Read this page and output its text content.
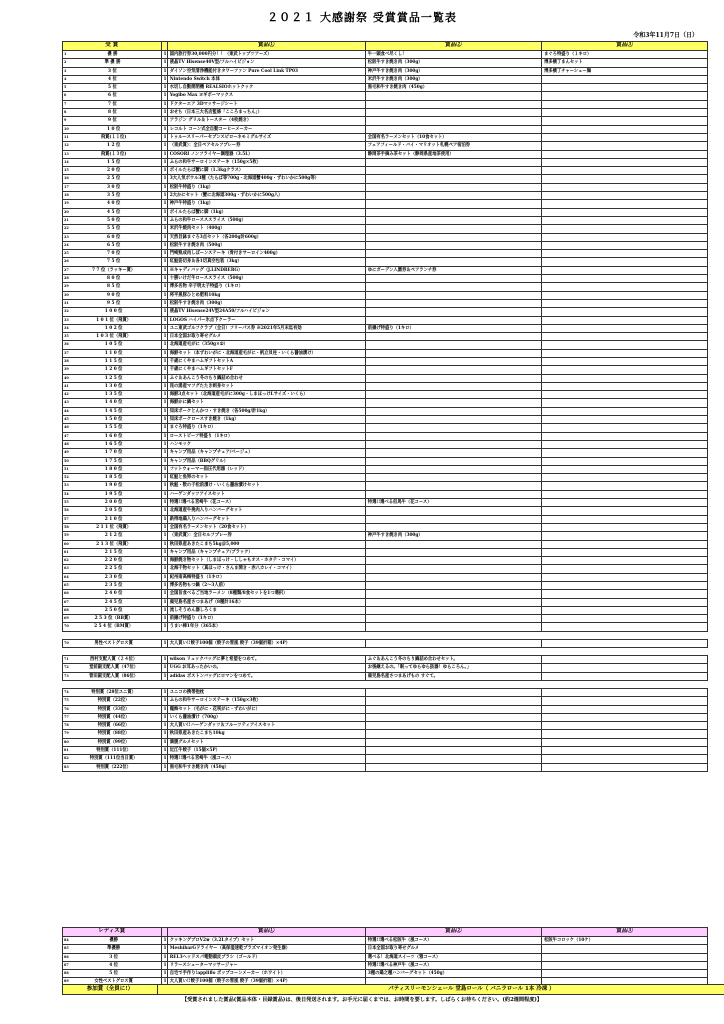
２０２１ 大感謝祭 受賞賞品一覧表
令和3年11月7日（日）
受 賞		賞品①	賞品②	賞品③

1 優 勝	1	国内旅行券30,000円分！！（東武トップツアーズ）	牛一頭食べ尽くし！	まぐろ特盛り（１キロ）

2 準 優 勝	1	液晶TV Hisense40V型/フルハイビジョン	松阪牛すき焼き肉（300g）	博多横丁まんセット

3 3 位	1	ダイソン空気清浄機能付きタワーファン Pure Cool Link TP03	神戸牛すき焼き肉（300g）	博多横丁チャーシュー麺

4 4 位	1	Nintendo Switch 本体	米沢牛すき焼き肉（300g）	

5 5 位	1	水切し自動開閉機 REALSIOホットクック	黒毛和牛すき焼き肉（450g）	

6 6 位	1	Yogibo Max ヨギボーマックス		

7 7 位	1	ドクターエア 3Dマッサージシート		

8 8 位	1	おせち（日本三大名店監修「こころまっちん」）		

9 9 位	1	アラジン グリル＆トースター（4枚焼き）		

10 1 0 位	1	レコルト コーン式全自動コーヒーメーカー		

11 飛賞(１１位)	1	トゥルースリーパーセブンスピローネモミグルサイズ	全国有名ラーメンセット（10食セット）	

12 1 2 位	1	（東武賞）：全日ペアセルフプレー券	フェアフィールド・バイ・マリオット札幌ペア宿泊券	

13 飛賞(１３位)	1	COSORI ノンフライヤー調理器（3.5L）	静岡茶手摘み茶セット（静岡県産地茶使用）	

14 1 5 位	1	ふらの和牛サーロインステーキ（150g×5枚）		

15 2 0 位	1	ボイルたらば蟹に脚（1.3kgクラス）		

16 2 5 位	1	3大人気ボウル3種（たらば等700g・北海道蟹400g・ずわいかに500g等）		

17 3 0 位	1	松阪牛特盛り（1kg）		

18 3 5 位	1	2大かにセット（蟹に北海道300g・ずわいかに500g入）		

19 4 0 位	1	神戸牛特盛り（1kg）		

20 4 5 位	1	ボイルたらば蟹に脚（1kg）		

21 5 0 位	1	ふらの和牛ロースススライス（500g）		

22 5 5 位	1	米沢牛焼肉セット（400g）		

23 6 0 位	1	天然目鉢まぐろ3点セット（各200g計600g）		

24 6 5 位	1	松阪牛すき焼き肉（500g）		

25 7 0 位	1	門崎熟成肉しぼーンステーキ（骨付きサーロイン400g）		

26 7 5 位	1	紅鮭姿切身＆各1切真空包装（3kg）		

27 7 7 位（ラッキー賞）	1	※キャディバッグ（J.LINDBERG）	ゆにガーデン入園券＆ペアランチ券	

28 8 0 位	1	十勝いけだ牛ローススライス（500g）		

29 8 5 位	1	博多名物 辛子明太子特盛り（1キロ）		

30 9 0 位	1	将平黒豚ひとめ肥料10kg		

31 9 5 位	1	松阪牛すき焼き肉（300g）		

32 1 0 0 位	1	液晶TV Hisense24V型24A50/フルハイビジョン		

33 1 0 1 位（飛賞）	1	LOGOS ハイパー氷点下クーラー		

34 1 0 2 位	1	ユニ東武ゴルフクラブ（全日）フリーパス券 ※2021年5月末迄有効	前撮げ特盛り（1キロ）	

35 1 0 3 位（飛賞）	1	日本全国お取り寄せグルメ		

36 1 0 5 位	1	北海道産毛がに（350g×②）		

37 1 1 0 位	1	海鮮セット（本ずわいがに・北海道産毛がに・帆立貝柱・いくら醤油漬け）		

38 1 1 5 位	1	千歳にくやまハムギフトセットA		

39 1 2 0 位	1	千歳にくやまハムギフトセットF		

40 1 2 5 位	1	ふぐ＆あんこう冬のちり鍋詰め合わせ		

41 1 3 0 位	1	昆の湯産マフグたたき刺身セット		

42 1 3 5 位	1	海鮮3点セット（北海道産毛がに300g・しまほっけLサイズ・いくら）		

43 1 4 0 位	1	海鮮かに鍋セット		

44 1 4 5 位	1	知床ポークとんかつ・すき焼き（各500g/計1kg）		

45 1 5 0 位	1	知床ポークロースすき焼き（1kg）		

46 1 5 5 位	1	まぐろ特盛り（1キロ）		

47 1 6 0 位	1	ローストビーフ特盛り（1キロ）		

48 1 6 5 位	1	ハンモック		

49 1 7 0 位	1	キャンプ用品（キャンプチェア/ベージュ）		

50 1 7 5 位	1	キャンプ用品（BBQグリル）		

51 1 8 0 位	1	フットウォーマー指圧代用器（レッド）		

52 1 8 5 位	1	紅鮭と魚卵のセット		

53 1 9 0 位	1	秋鮭・数の子松前漬け・いくら醤油漬けセット		

54 1 9 5 位	1	ハーゲンダッツアイスセット		

55 2 0 0 位	1	特選!!選べる宮崎牛（花コース）	特選!!選べる但馬牛（花コース）	

56 2 0 5 位	1	北海道産牛挽肉入りハンバーグセット		

57 2 1 0 位	1	新得地鶏入りハンバーグセット		

58 2 1 1 位（飛賞）	1	全国有名ラーメンセット（20食セット）		

59 2 1 2 位	1	（東武賞）：全日セルフプレー券	神戸牛すき焼き肉（300g）	

60 2 1 3 位（飛賞）	1	秋田県産あきたこまち5kg＠5,000		

61 2 1 5 位	1	キャンプ用品（キャンプチェア/ブラック）		

62 2 2 0 位	1	海鮮焼き物セット（しまほっけ・ししゃもオス・ホタテ・コマイ）		

63 2 2 5 位	1	北海干物セット（真ほっけ・さんま開き・赤八カレイ・コマイ）		

64 2 3 0 位	1	紀州南高梅特盛り（1キロ）		

65 2 3 5 位	1	博多名物もつ鍋（2～3人前）		

66 2 4 0 位	1	全国旨食べるご当地ラーメン（8種類/8食セットを1つ選択）		

67 2 4 5 位	1	鹿児島名産さつまあげ（8種計16本）		

68 2 5 0 位	1	流しそうめん器しろくま		

69 2 5 3 位（BB賞）	1	前撮げ特盛り（1キロ）		

70 2 5 4 位（BM賞）	1	うまい棒1年分（365本）		

70 男性ベストグロス賞	1	大人買い!!餃子100個（餃子の雪風 餃子（39個折箱）×4P）		

71 西村支配人賞（２４位）	1	wilson リュックバッグに夢と希望をつめて。	ふぐ＆あんこう冬のちり鍋詰め合わせセット。	

72 堂前副支配人賞（47位）	1	UGG お耳あったかいの。	お後継えるの。「眠ってゆらゆら扱器！ゆらころん。」	

73 菅田副支配人賞（86位）	1	adidas ボストンバッグにロマンをつめて。	鹿児島名産さつまあげもの すぐて。	

74 特別賞（28位ユニ賞）	1	ユニコの携帯抱枕		

75 特別賞（22位）	1	ふらの和牛サーロインステーキ（150g×3枚）		

76 特別賞（33位）	1	龍飾セット（毛がに・花咲がに・ずわいがに）		

77 特別賞（44位）	1	いくら醤油漬け（700g）		

78 特別賞（66位）	1	大人買い!!ハーゲンダッツ＆フルーツティアイスセット		

79 特別賞（88位）	1	秋田県産あきたこまち10kg		

80 特別賞（99位）	1	満腹グルメセット		

81 特別賞（111位）	1	近江牛餃子（15個×5P）		

82 特別賞（111位当日賞）	1	特選!!選べる宮崎牛（風コース）		

83 特別賞（222位）	1	黒毛和牛すき焼き肉（450g）		
レディス賞		賞品①	賞品②	賞品③

84 優勝	1	クッキングプロV2※（3.2Lタイプ）セット	特選!!選べる松阪牛（風コース）	松阪牛コロッケ（10ケ）

85 準優勝	1	MeshibarGドライヤー（高保湿速乾プラズマイオン発生器）	日本全国お取り寄せグルメ	

86 3 位	1	REL3ヘッドスパ電動頭皮ブラシ（ゴールド）	選べる！北海道スイーツ（雅コース）	

87 4 位	1	リラースシューターマッサージャー	特選!!選べる神戸牛（風コース）	

88 5 位	1	自宅で手作り!appliflo ポップコーンメーカー（ホワイト）	3種の鶏之種ハンバーグセット（450g）	

89 女性ベストグロス賞	1	大人買い!!餃子100個（餃子の雪風 餃子（39個折箱）×4P）		
参加賞（全員に!）	パティスリーモンシェール 堂島ロール（ バニラロール 1本 冷凍 ）
【受賞されました賞品(賞品本体・目録賞品)は、後日発送されます。お手元に届くまでは、お時間を要します。しばらくお待ちください。(約2週間程度)】
